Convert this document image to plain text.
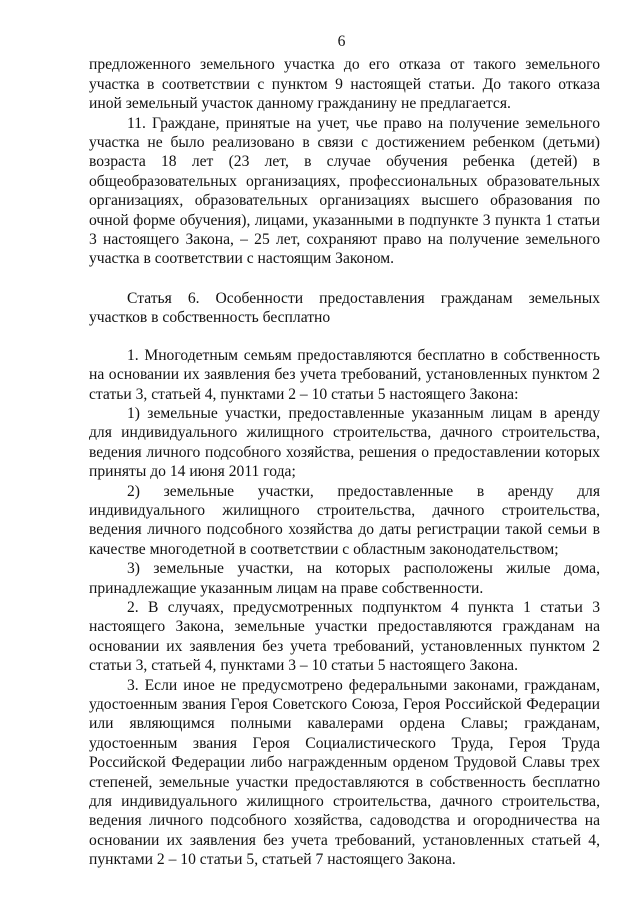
6

предложенного земельного участка до его отказа от такого земельного участка в соответствии с пунктом 9 настоящей статьи. До такого отказа иной земельный участок данному гражданину не предлагается.

11. Граждане, принятые на учет, чье право на получение земельного участка не было реализовано в связи с достижением ребенком (детьми) возраста 18 лет (23 лет, в случае обучения ребенка (детей) в общеобразовательных организациях, профессиональных образовательных организациях, образовательных организациях высшего образования по очной форме обучения), лицами, указанными в подпункте 3 пункта 1 статьи 3 настоящего Закона, – 25 лет, сохраняют право на получение земельного участка в соответствии с настоящим Законом.

Статья 6. Особенности предоставления гражданам земельных участков в собственность бесплатно

1. Многодетным семьям предоставляются бесплатно в собственность на основании их заявления без учета требований, установленных пунктом 2 статьи 3, статьей 4, пунктами 2 – 10 статьи 5 настоящего Закона:

1) земельные участки, предоставленные указанным лицам в аренду для индивидуального жилищного строительства, дачного строительства, ведения личного подсобного хозяйства, решения о предоставлении которых приняты до 14 июня 2011 года;

2) земельные участки, предоставленные в аренду для индивидуального жилищного строительства, дачного строительства, ведения личного подсобного хозяйства до даты регистрации такой семьи в качестве многодетной в соответствии с областным законодательством;

3) земельные участки, на которых расположены жилые дома, принадлежащие указанным лицам на праве собственности.

2. В случаях, предусмотренных подпунктом 4 пункта 1 статьи 3 настоящего Закона, земельные участки предоставляются гражданам на основании их заявления без учета требований, установленных пунктом 2 статьи 3, статьей 4, пунктами 3 – 10 статьи 5 настоящего Закона.

3. Если иное не предусмотрено федеральными законами, гражданам, удостоенным звания Героя Советского Союза, Героя Российской Федерации или являющимся полными кавалерами ордена Славы; гражданам, удостоенным звания Героя Социалистического Труда, Героя Труда Российской Федерации либо награжденным орденом Трудовой Славы трех степеней, земельные участки предоставляются в собственность бесплатно для индивидуального жилищного строительства, дачного строительства, ведения личного подсобного хозяйства, садоводства и огородничества на основании их заявления без учета требований, установленных статьей 4, пунктами 2 – 10 статьи 5, статьей 7 настоящего Закона.
